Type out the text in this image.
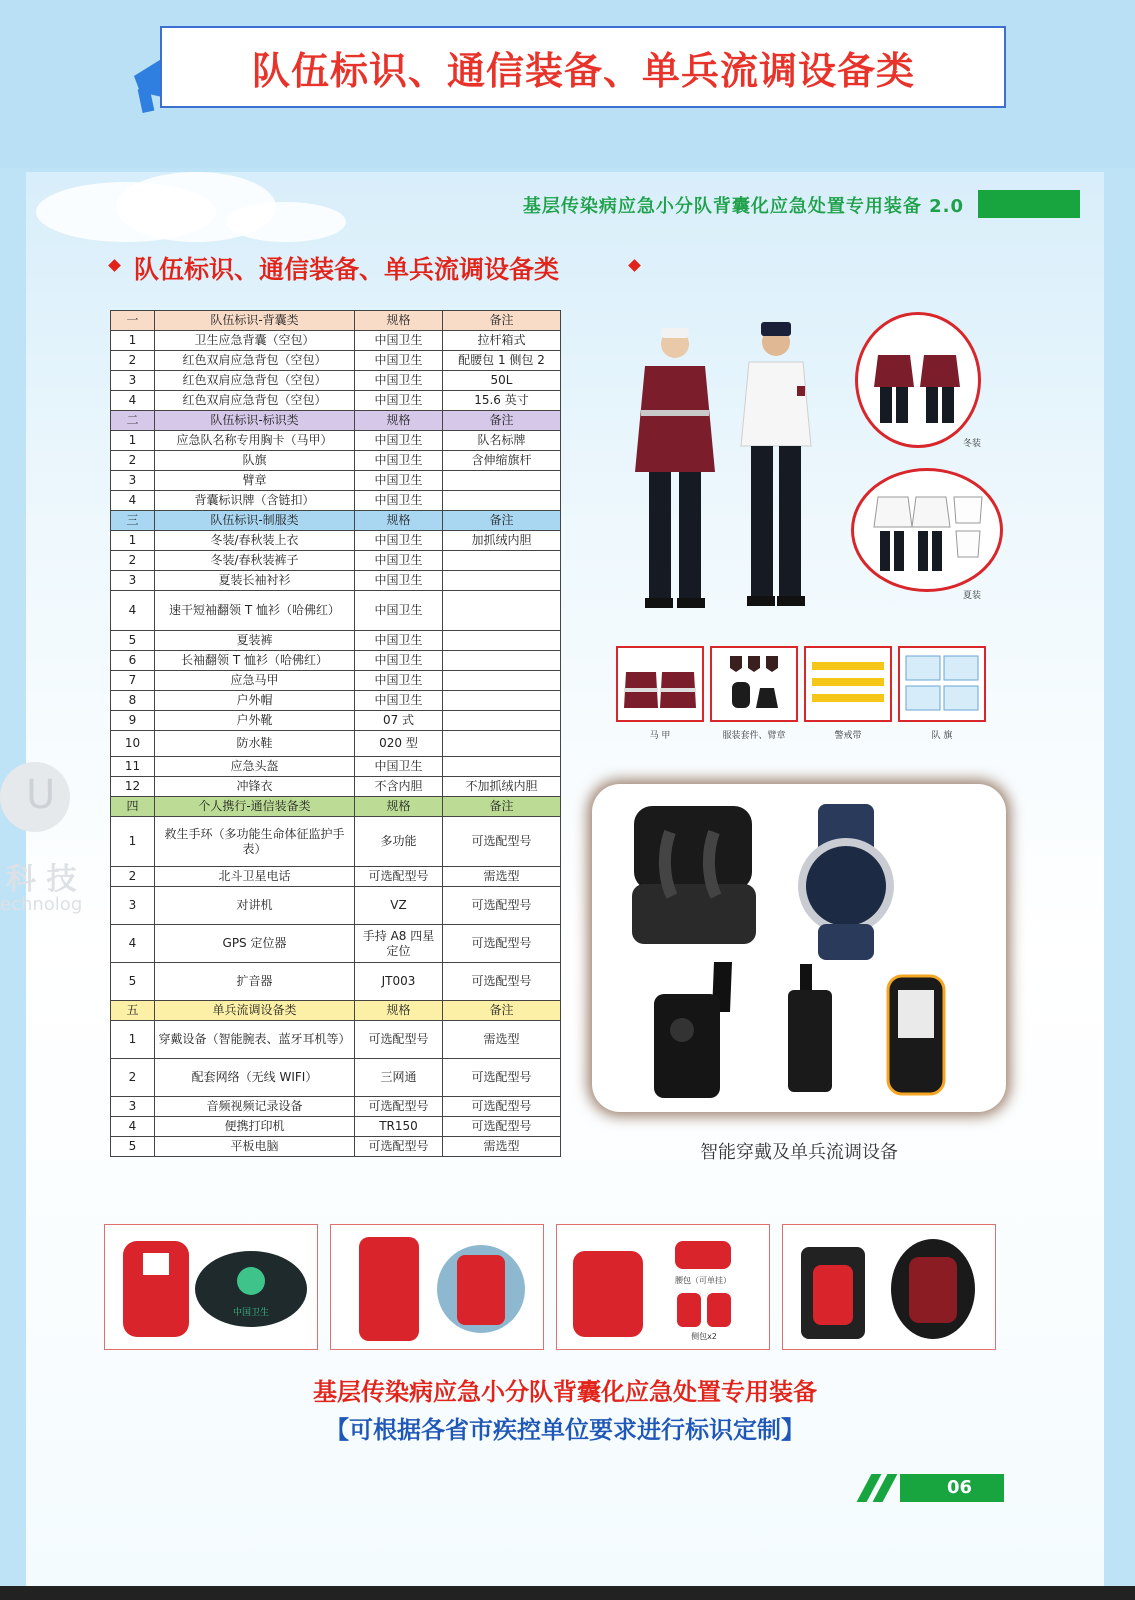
队伍标识、通信装备、单兵流调设备类
基层传染病应急小分队背囊化应急处置专用装备 2.0
队伍标识、通信装备、单兵流调设备类
U
科 技
echnolog
一	队伍标识-背囊类	规格	备注
1	卫生应急背囊（空包）	中国卫生	拉杆箱式
2	红色双肩应急背包（空包）	中国卫生	配腰包 1 侧包 2
3	红色双肩应急背包（空包）	中国卫生	50L
4	红色双肩应急背包（空包）	中国卫生	15.6 英寸
二	队伍标识-标识类	规格	备注
1	应急队名称专用胸卡（马甲）	中国卫生	队名标牌
2	队旗	中国卫生	含伸缩旗杆
3	臂章	中国卫生	
4	背囊标识牌（含链扣）	中国卫生	
三	队伍标识-制服类	规格	备注
1	冬装/春秋装上衣	中国卫生	加抓绒内胆
2	冬装/春秋装裤子	中国卫生	
3	夏装长袖衬衫	中国卫生	
4	速干短袖翻领 T 恤衫（哈佛红）	中国卫生	
5	夏装裤	中国卫生	
6	长袖翻领 T 恤衫（哈佛红）	中国卫生	
7	应急马甲	中国卫生	
8	户外帽	中国卫生	
9	户外靴	07 式	
10	防水鞋	020 型	
11	应急头盔	中国卫生	
12	冲锋衣	不含内胆	不加抓绒内胆
四	个人携行-通信装备类	规格	备注
1	救生手环（多功能生命体征监护手表）	多功能	可选配型号
2	北斗卫星电话	可选配型号	需选型
3	对讲机	VZ	可选配型号
4	GPS 定位器	手持 A8 四星定位	可选配型号
5	扩音器	JT003	可选配型号
五	单兵流调设备类	规格	备注
1	穿戴设备（智能腕表、蓝牙耳机等）	可选配型号	需选型
2	配套网络（无线 WIFI）	三网通	可选配型号
3	音频视频记录设备	可选配型号	可选配型号
4	便携打印机	TR150	可选配型号
5	平板电脑	可选配型号	需选型
冬装
夏装
马 甲	服装套件、臂章	警戒带	队 旗
智能穿戴及单兵流调设备
中国卫生
腰包（可单挂）
侧包x2
基层传染病应急小分队背囊化应急处置专用装备
【可根据各省市疾控单位要求进行标识定制】
06
